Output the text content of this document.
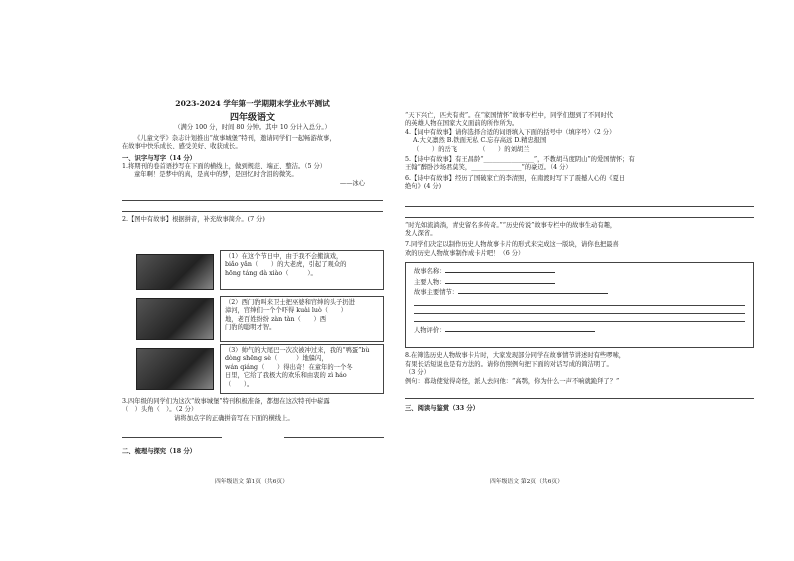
2023-2024 学年第一学期期末学业水平测试

四年级语文

（满分 100 分，时间 80 分钟。其中 10 分计入总分。）

《儿童文学》杂志计划推出“故事城堡”特刊，邀请同学们一起畅游故事，

在故事中快乐成长、感受美好、收获成长。

一、识字与写字（14 分）

1.将期刊的卷首语抄写在下面的横线上，做到规范、端正、整洁。（5 分）

童年啊！是梦中的真，是真中的梦，是回忆时含泪的微笑。

——冰心

2.【图中有故事】根据拼音，补充故事简介。(7 分)

（1）在这个节日中，由于我不会搬演戏，

biǎo yǎn（　　）的大老虎，引起了观众的

hōng táng dà xiào（　　　）。

（2）西门豹叫来卫士把巫婆和官绅的头子扔进

漳河，官绅们一个个吓得 kuài luò（　　）

地，老百姓纷纷 zàn tàn（　　）西

门豹的聪明才智。

（3）帅气的大尾巴一次次被冲过来，我的“鸭蛋”bù

dòng shēng sè（　　　）地躲闪，

wán qiáng（　　）得出奇！在童年的一个冬

日里，它给了我极大的欢乐和由衷的 zì háo

（　　）。

3.四年级的同学们为这次“故事城堡”特刊积极准备，都想在这次特刊中崭露

（　）头角（　）。（2 分）

请将加点字的正确拼音写在下面的横线上。

二、梳理与探究（18 分）

四年级语文 第1页（共6页）

“天下兴亡，匹夫有责”。在“家国情怀”故事专栏中，同学们想到了不同时代

的英雄人物在国家大义面前的所作所为。

4.【词中有故事】请你选择合适的词语填入下面的括号中（填序号）（2 分）

A.大义凛然 B.铁面无私 C.忘存高远 D.精忠报国

（　　）的岳飞　　　　（　　）的刘胡兰

5.【诗中有故事】有王昌龄“________________”，不教胡马度阴山”的爱国情怀；有

王翰“醉卧沙场君莫笑，________________”的豪迈。（4 分）

6.【诗中有故事】经历了国破家亡的李清照，在南渡时写下了震撼人心的《夏日

绝句》(4 分)

“时光如流淌淌，青史留名多传奇。”“历史传说”故事专栏中的故事生动有趣，

发人深省。

7.同学们决定以制作历史人物故事卡片的形式来完成这一版块，请你也把最喜

欢的历史人物故事制作成卡片吧！（6 分）

故事名称：

主要人物：

故事主要情节：

人物评价：

8.在筛选历史人物故事卡片时，大家发现部分同学在故事情节讲述时有些啰嗦，

有果长话短说也是有方法的。请你仿照例句把下面的对话写成的简洁明了。

（3 分）

例句：暮劫使觉得奇怪，派人去问他：“高鹗，你为什么一声不响就跪拜了？”

三、阅读与鉴赏（33 分）

四年级语文 第2页（共6页）
